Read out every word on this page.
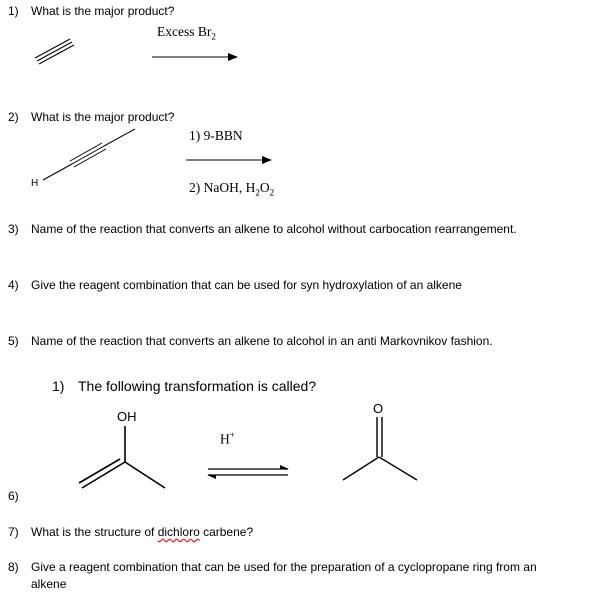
1) What is the major product?
Excess $Br_2$
2) What is the major product?
1) 9-BBN
2) NaOH, $H_2O_2$
H
3) Name of the reaction that converts an alkene to alcohol without carbocation rearrangement.
4) Give the reagent combination that can be used for syn hydroxylation of an alkene
5) Name of the reaction that converts an alkene to alcohol in an anti Markovnikov fashion.
1) The following transformation is called?
OH
H+
O
6)
7) What is the structure of dichloro carbene?
8) Give a reagent combination that can be used for the preparation of a cyclopropane ring from an
alkene
